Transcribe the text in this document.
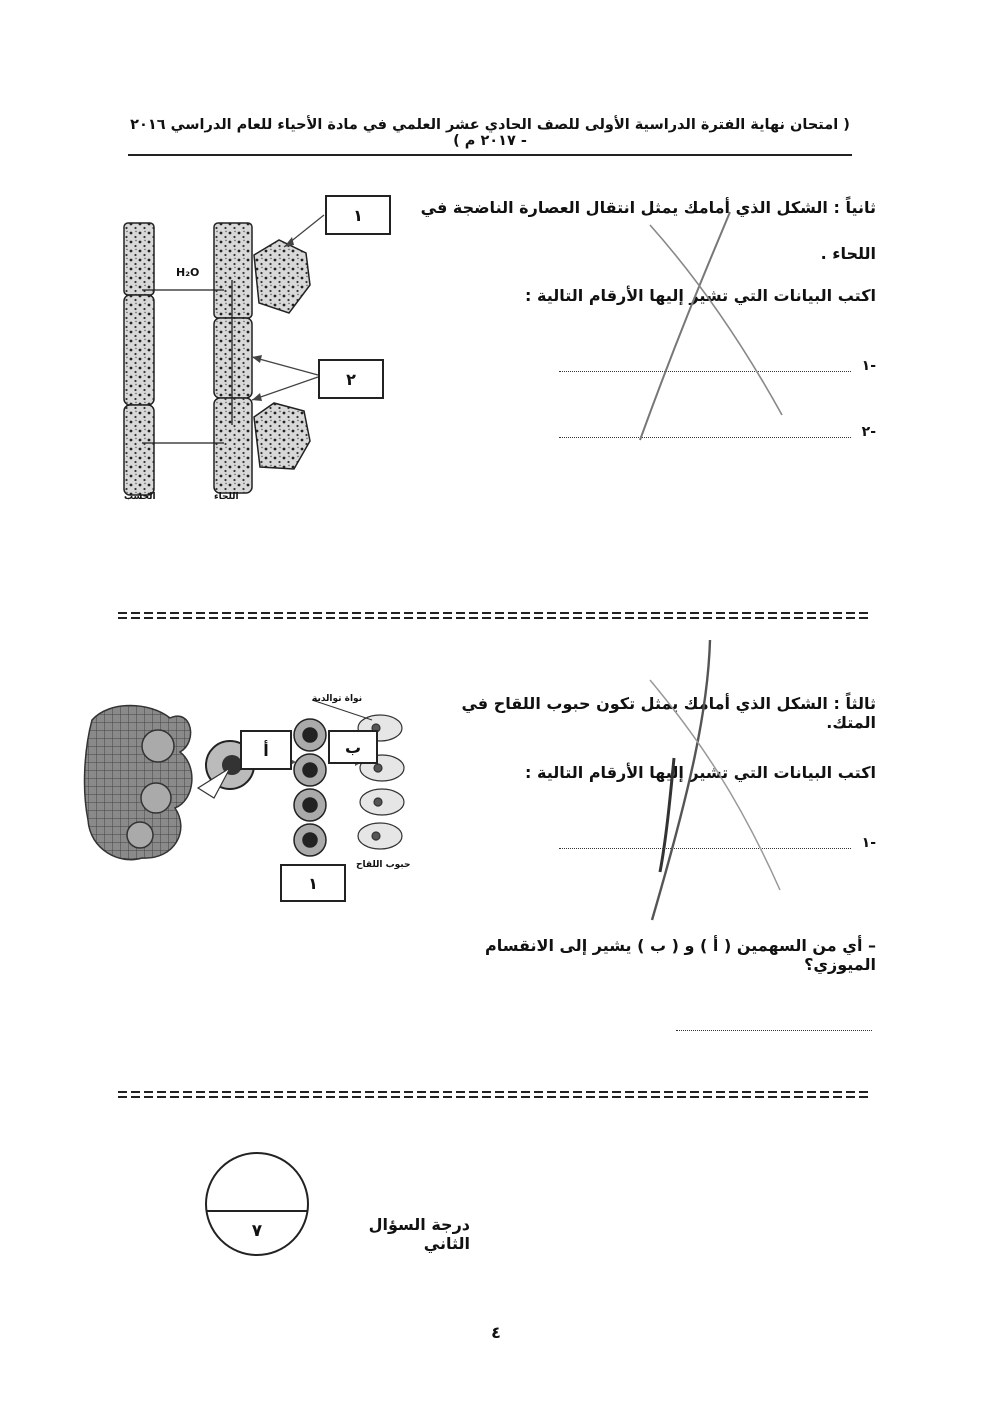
( امتحان نهاية الفترة الدراسية الأولى للصف الحادي عشر العلمي في مادة الأحياء للعام الدراسي ٢٠١٦ - ٢٠١٧ م )
ثانياً : الشكل الذي أمامك يمثل انتقال العصارة الناضجة في
اللحاء .
اكتب البيانات التي تشير إليها الأرقام التالية :
-١
-٢
١
٢
H₂O
الخشب	اللحاء
ثالثاً : الشكل الذي أمامك يمثل تكون حبوب اللقاح في المتك.
اكتب البيانات التي تشير إليها الأرقام التالية :
-١
– أي من السهمين ( أ ) و ( ب ) يشير إلى الانقسام الميوزي؟
أ	ب
١
نواة توالدية
حبوب اللقاح
٧	درجة السؤال الثاني
٤
